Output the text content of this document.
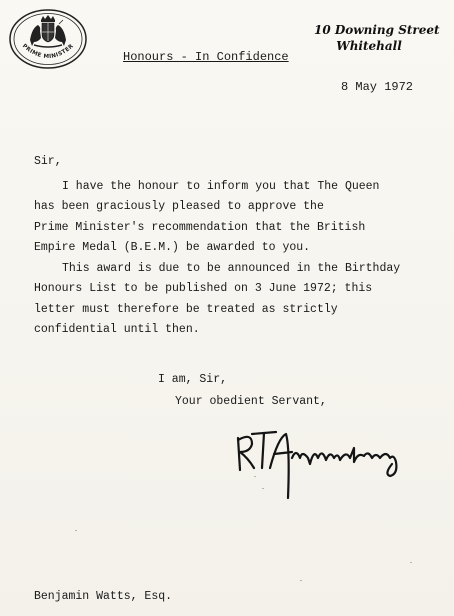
PRIME MINISTER
10 Downing Street
Whitehall
Honours - In Confidence
8 May 1972

Sir,

I have the honour to inform you that The Queen
has been graciously pleased to approve the
Prime Minister's recommendation that the British
Empire Medal (B.E.M.) be awarded to you.
This award is due to be announced in the Birthday
Honours List to be published on 3 June 1972; this
letter must therefore be treated as strictly
confidential until then.
I am, Sir,
Your obedient Servant,
Benjamin Watts, Esq.
